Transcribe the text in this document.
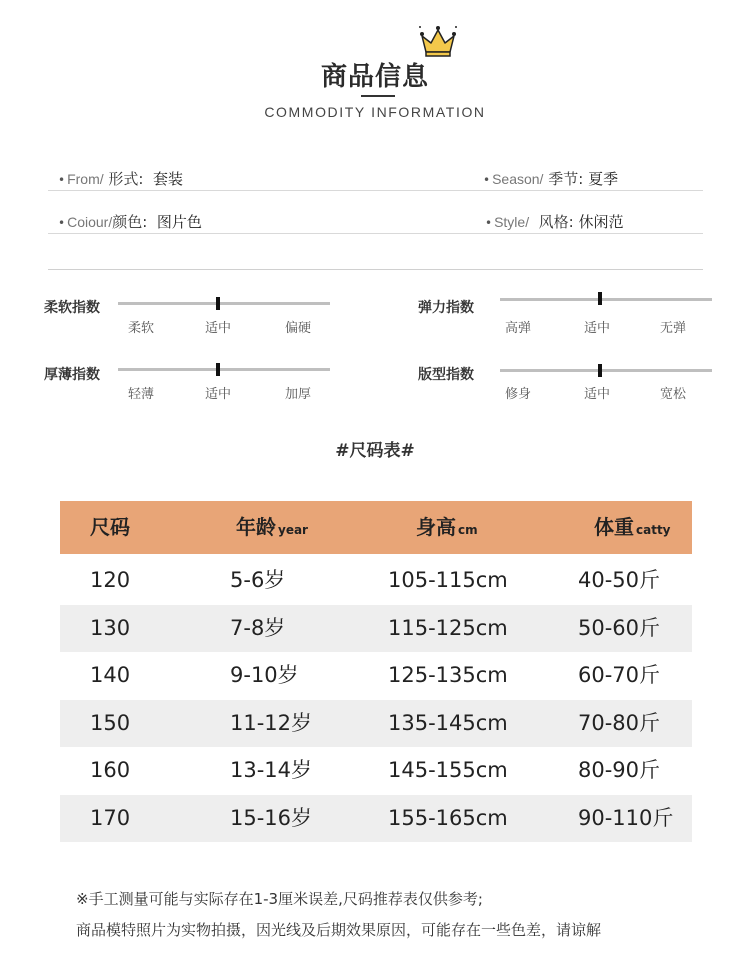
商品信息
COMMODITY INFORMATION
• From/ 形式: 套装	• Season/ 季节: 夏季
• Coiour/颜色: 图片色	• Style/ 风格: 休闲范
柔软指数
柔软	适中	偏硬
弹力指数
高弹	适中	无弹
厚薄指数
轻薄	适中	加厚
版型指数
修身	适中	宽松
#尺码表#
尺码	年龄 year	身高 cm	体重 catty
120	5-6岁	105-115cm	40-50斤
130	7-8岁	115-125cm	50-60斤
140	9-10岁	125-135cm	60-70斤
150	11-12岁	135-145cm	70-80斤
160	13-14岁	145-155cm	80-90斤
170	15-16岁	155-165cm	90-110斤
※手工测量可能与实际存在1-3厘米误差,尺码推荐表仅供参考;
商品模特照片为实物拍摄，因光线及后期效果原因，可能存在一些色差，请谅解
